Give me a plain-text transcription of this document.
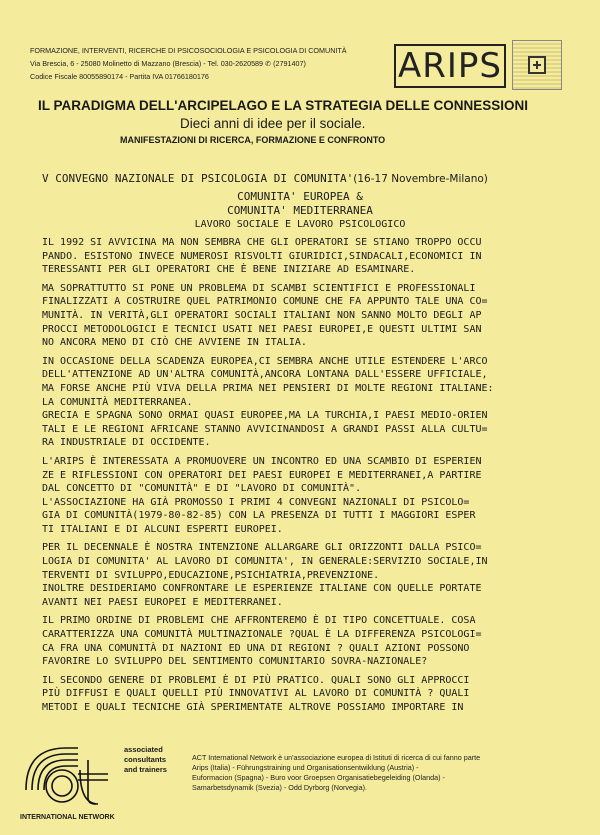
FORMAZIONE, INTERVENTI, RICERCHE DI PSICOSOCIOLOGIA E PSICOLOGIA DI COMUNITÀ
Via Brescia, 6 - 25080 Molinetto di Mazzano (Brescia) - Tel. 030-2620589 ✆ (2791407)
Codice Fiscale 80055890174 - Partita IVA 01766180176	ARIPS
IL PARADIGMA DELL'ARCIPELAGO E LA STRATEGIA DELLE CONNESSIONI
Dieci anni di idee per il sociale.
MANIFESTAZIONI DI RICERCA, FORMAZIONE E CONFRONTO
V CONVEGNO NAZIONALE DI PSICOLOGIA DI COMUNITA'(16-17 Novembre-Milano)
COMUNITA' EUROPEA &
COMUNITA' MEDITERRANEA
LAVORO SOCIALE E LAVORO PSICOLOGICO

IL 1992 SI AVVICINA MA NON SEMBRA CHE GLI OPERATORI SE STIANO TROPPO OCCU
PANDO. ESISTONO INVECE NUMEROSI RISVOLTI GIURIDICI,SINDACALI,ECONOMICI IN
TERESSANTI PER GLI OPERATORI CHE È BENE INIZIARE AD ESAMINARE.

MA SOPRATTUTTO SI PONE UN PROBLEMA DI SCAMBI SCIENTIFICI E PROFESSIONALI
FINALIZZATI A COSTRUIRE QUEL PATRIMONIO COMUNE CHE FA APPUNTO TALE UNA CO=
MUNITÀ. IN VERITÀ,GLI OPERATORI SOCIALI ITALIANI NON SANNO MOLTO DEGLI AP
PROCCI METODOLOGICI E TECNICI USATI NEI PAESI EUROPEI,E QUESTI ULTIMI SAN
NO ANCORA MENO DI CIÒ CHE AVVIENE IN ITALIA.

IN OCCASIONE DELLA SCADENZA EUROPEA,CI SEMBRA ANCHE UTILE ESTENDERE L'ARCO
DELL'ATTENZIONE AD UN'ALTRA COMUNITÀ,ANCORA LONTANA DALL'ESSERE UFFICIALE,
MA FORSE ANCHE PIÙ VIVA DELLA PRIMA NEI PENSIERI DI MOLTE REGIONI ITALIANE:
LA COMUNITÀ MEDITERRANEA.
GRECIA E SPAGNA SONO ORMAI QUASI EUROPEE,MA LA TURCHIA,I PAESI MEDIO-ORIEN
TALI E LE REGIONI AFRICANE STANNO AVVICINANDOSI A GRANDI PASSI ALLA CULTU=
RA INDUSTRIALE DI OCCIDENTE.

L'ARIPS È INTERESSATA A PROMUOVERE UN INCONTRO ED UNA SCAMBIO DI ESPERIEN
ZE E RIFLESSIONI CON OPERATORI DEI PAESI EUROPEI E MEDITERRANEI,A PARTIRE
DAL CONCETTO DI "COMUNITÀ" E DI "LAVORO DI COMUNITÀ".
L'ASSOCIAZIONE HA GIÀ PROMOSSO I PRIMI 4 CONVEGNI NAZIONALI DI PSICOLO=
GIA DI COMUNITÀ(1979-80-82-85) CON LA PRESENZA DI TUTTI I MAGGIORI ESPER
TI ITALIANI E DI ALCUNI ESPERTI EUROPEI.

PER IL DECENNALE È NOSTRA INTENZIONE ALLARGARE GLI ORIZZONTI DALLA PSICO=
LOGIA DI COMUNITA' AL LAVORO DI COMUNITA', IN GENERALE:SERVIZIO SOCIALE,IN
TERVENTI DI SVILUPPO,EDUCAZIONE,PSICHIATRIA,PREVENZIONE.
INOLTRE DESIDERIAMO CONFRONTARE LE ESPERIENZE ITALIANE CON QUELLE PORTATE
AVANTI NEI PAESI EUROPEI E MEDITERRANEI.

IL PRIMO ORDINE DI PROBLEMI CHE AFFRONTEREMO È DI TIPO CONCETTUALE. COSA
CARATTERIZZA UNA COMUNITÀ MULTINAZIONALE ?QUAL È LA DIFFERENZA PSICOLOGI=
CA FRA UNA COMUNITÀ DI NAZIONI ED UNA DI REGIONI ? QUALI AZIONI POSSONO
FAVORIRE LO SVILUPPO DEL SENTIMENTO COMUNITARIO SOVRA-NAZIONALE?

IL SECONDO GENERE DI PROBLEMI È DI PIÙ PRATICO. QUALI SONO GLI APPROCCI
PIÙ DIFFUSI E QUALI QUELLI PIÙ INNOVATIVI AL LAVORO DI COMUNITÀ ? QUALI
METODI E QUALI TECNICHE GIÀ SPERIMENTATE ALTROVE POSSIAMO IMPORTARE IN

associated
consultants
and trainers
INTERNATIONAL NETWORK
ACT International Network è un'associazione europea di Istituti di ricerca di cui fanno parte
Arips (Italia) - Führungstraining und Organisationsentwiklung (Austria) -
Euformacion (Spagna) - Buro voor Groepsen Organisatiebegeleiding (Olanda) -
Samarbetsdynamik (Svezia) - Odd Dyrborg (Norvegia).
